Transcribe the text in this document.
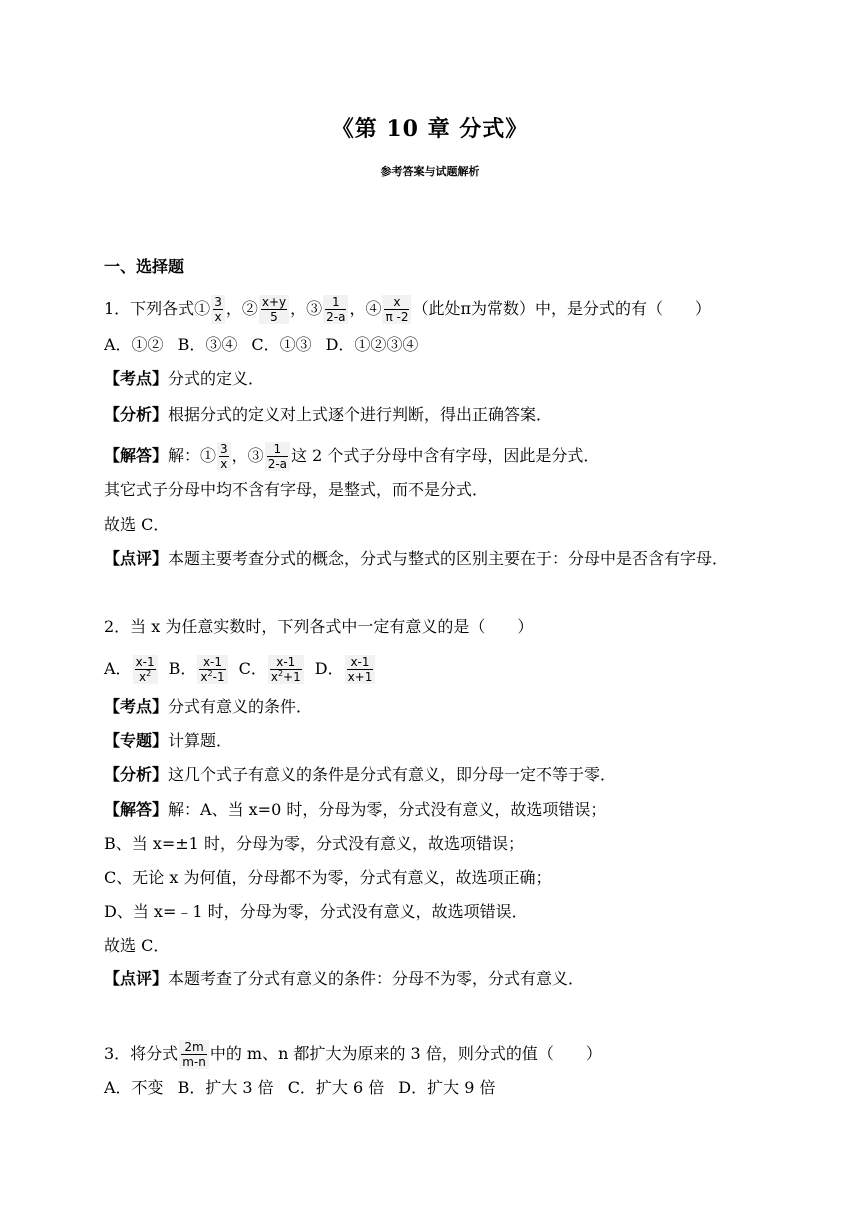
《第 10 章 分式》
参考答案与试题解析
一、选择题
1．下列各式① $\frac{3}{x}$ ，② $\frac{x+y}{5}$ ，③ $\frac{1}{2-a}$ ，④ $\frac{x}{\pi -2}$ （此处π为常数）中，是分式的有（　　）
A．①② B．③④ C．①③ D．①②③④
【考点】分式的定义．
【分析】根据分式的定义对上式逐个进行判断，得出正确答案．
【解答】解：① $\frac{3}{x}$ ，③ $\frac{1}{2-a}$ 这 2 个式子分母中含有字母，因此是分式．
其它式子分母中均不含有字母，是整式，而不是分式．
故选 C．
【点评】本题主要考查分式的概念，分式与整式的区别主要在于：分母中是否含有字母．
2．当 x 为任意实数时，下列各式中一定有意义的是（　　）
A． $\frac{x-1}{x^2}$ B． $\frac{x-1}{x^2-1}$ C． $\frac{x-1}{x^2+1}$ D． $\frac{x-1}{x+1}$
【考点】分式有意义的条件．
【专题】计算题．
【分析】这几个式子有意义的条件是分式有意义，即分母一定不等于零．
【解答】解：A、当 x=0 时，分母为零，分式没有意义，故选项错误；
B、当 x=±1 时，分母为零，分式没有意义，故选项错误；
C、无论 x 为何值，分母都不为零，分式有意义，故选项正确；
D、当 x=﹣1 时，分母为零，分式没有意义，故选项错误．
故选 C．
【点评】本题考查了分式有意义的条件：分母不为零，分式有意义．
3．将分式 $\frac{2m}{m-n}$ 中的 m、n 都扩大为原来的 3 倍，则分式的值（　　）
A．不变 B．扩大 3 倍 C．扩大 6 倍 D．扩大 9 倍
